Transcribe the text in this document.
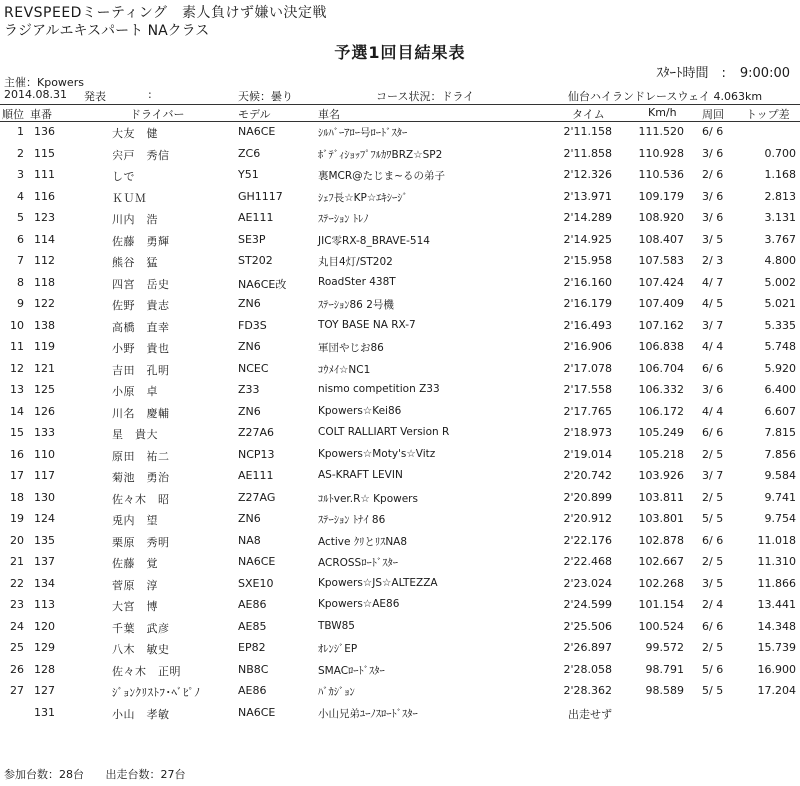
REVSPEEDミーティング　素人負けず嫌い決定戦
ラジアルエキスパート NAクラス
予選1回目結果表
ｽﾀｰﾄ時間　: 9:00:00
主催：Kpowers
2014.08.31 発表	:	天候：曇り	コース状況：ドライ	仙台ハイランドレースウェイ 4.063km
順位 車番	ドライバー	モデル	車名	タイム	Km/h 周回 トップ差
1 136	大友　健	NA6CE	ｼﾙﾊﾞｰｱﾛｰ号ﾛｰﾄﾞｽﾀｰ	2'11.158	111.520 6/ 6
2 115	宍戸　秀信	ZC6	ﾎﾞﾃﾞｨｼｮｯﾌﾟﾌﾙｶﾜBRZ☆SP2	2'11.858	110.928 3/ 6	0.700
3 111	しで	Y51	裏MCR@たじま~るの弟子	2'12.326	110.536 2/ 6	1.168
4 116	ＫＵＭ	GH1117	ｼｪﾌ長☆KP☆ｴｷｼｰｼﾞ	2'13.971	109.179 3/ 6	2.813
5 123	川内　浩	AE111	ｽﾃｰｼｮﾝ ﾄﾚﾉ	2'14.289	108.920 3/ 6	3.131
6 114	佐藤　勇輝	SE3P	JIC零RX-8_BRAVE-514	2'14.925	108.407 3/ 5	3.767
7 112	熊谷　猛	ST202	丸目4灯/ST202	2'15.958	107.583 2/ 3	4.800
8 118	四宮　岳史	NA6CE改	RoadSter 438T	2'16.160	107.424 4/ 7	5.002
9 122	佐野　貴志	ZN6	ｽﾃｰｼｮﾝ86 2号機	2'16.179	107.409 4/ 5	5.021
10 138	高橋　直幸	FD3S	TOY BASE NA RX-7	2'16.493	107.162 3/ 7	5.335
11 119	小野　貴也	ZN6	軍団やじお86	2'16.906	106.838 4/ 4	5.748
12 121	吉田　孔明	NCEC	ｺｳﾒｲ☆NC1	2'17.078	106.704 6/ 6	5.920
13 125	小原　卓	Z33	nismo competition Z33	2'17.558	106.332 3/ 6	6.400
14 126	川名　慶輔	ZN6	Kpowers☆Kei86	2'17.765	106.172 4/ 4	6.607
15 133	星　貴大	Z27A6	COLT RALLIART Version R	2'18.973	105.249 6/ 6	7.815
16 110	原田　祐二	NCP13	Kpowers☆Moty's☆Vitz	2'19.014	105.218 2/ 5	7.856
17 117	菊池　勇治	AE111	AS-KRAFT LEVIN	2'20.742	103.926 3/ 7	9.584
18 130	佐々木　昭	Z27AG	ｺﾙﾄver.R☆ Kpowers	2'20.899	103.811 2/ 5	9.741
19 124	兎内　望	ZN6	ｽﾃｰｼｮﾝ ﾄﾅｲ 86	2'20.912	103.801 5/ 5	9.754
20 135	栗原　秀明	NA8	Active ｸﾘとﾘｽNA8	2'22.176	102.878 6/ 6	11.018
21 137	佐藤　覚	NA6CE	ACROSSﾛｰﾄﾞｽﾀｰ	2'22.468	102.667 2/ 5	11.310
22 134	菅原　淳	SXE10	Kpowers☆JS☆ALTEZZA	2'23.024	102.268 3/ 5	11.866
23 113	大宮　博	AE86	Kpowers☆AE86	2'24.599	101.154 2/ 4	13.441
24 120	千葉　武彦	AE85	TBW85	2'25.506	100.524 6/ 6	14.348
25 129	八木　敏史	EP82	ｵﾚﾝｼﾞEP	2'26.897	99.572 2/ 5	15.739
26 128	佐々木　正明	NB8C	SMACﾛｰﾄﾞｽﾀｰ	2'28.058	98.791 5/ 6	16.900
27 127	ｼﾞｮﾝｸﾘｽﾄﾌ･ﾍﾞﾋﾟﾉ	AE86	ﾊﾞｶｼﾞｮﾝ	2'28.362	98.589 5/ 5	17.204
131	小山　孝敏	NA6CE	小山兄弟ﾕｰﾉｽﾛｰﾄﾞｽﾀｰ	出走せず
参加台数：28台 出走台数：27台
